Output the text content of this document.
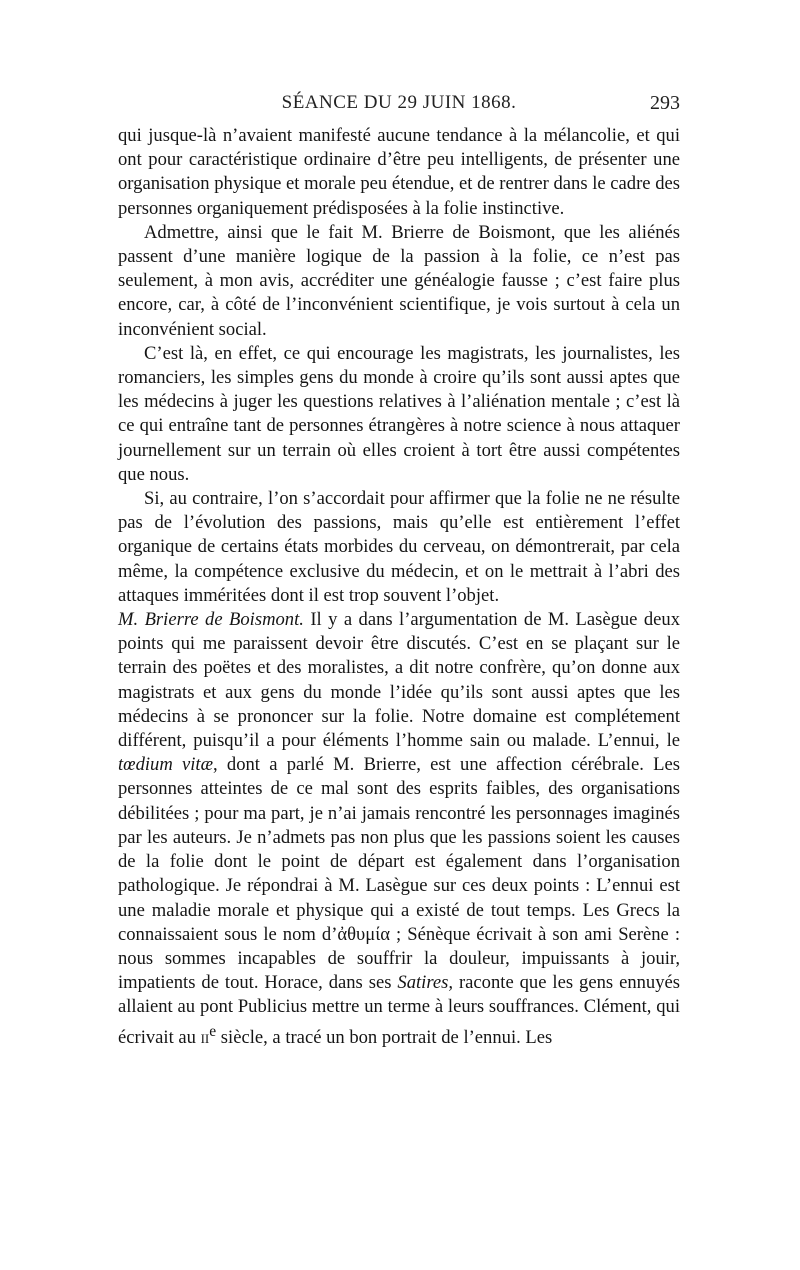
SÉANCE DU 29 JUIN 1868.	293

qui jusque-là n’avaient manifesté aucune tendance à la mélancolie, et qui ont pour caractéristique ordinaire d’être peu intelligents, de présenter une organisation physique et morale peu étendue, et de rentrer dans le cadre des personnes organiquement prédisposées à la folie instinctive.

Admettre, ainsi que le fait M. Brierre de Boismont, que les aliénés passent d’une manière logique de la passion à la folie, ce n’est pas seulement, à mon avis, accréditer une généalogie fausse ; c’est faire plus encore, car, à côté de l’inconvénient scientifique, je vois surtout à cela un inconvénient social.

C’est là, en effet, ce qui encourage les magistrats, les journalistes, les romanciers, les simples gens du monde à croire qu’ils sont aussi aptes que les médecins à juger les questions relatives à l’aliénation mentale ; c’est là ce qui entraîne tant de personnes étrangères à notre science à nous attaquer journellement sur un terrain où elles croient à tort être aussi compétentes que nous.

Si, au contraire, l’on s’accordait pour affirmer que la folie ne ne résulte pas de l’évolution des passions, mais qu’elle est entièrement l’effet organique de certains états morbides du cerveau, on démontrerait, par cela même, la compétence exclusive du médecin, et on le mettrait à l’abri des attaques imméritées dont il est trop souvent l’objet.

M. Brierre de Boismont. Il y a dans l’argumentation de M. Lasègue deux points qui me paraissent devoir être discutés. C’est en se plaçant sur le terrain des poëtes et des moralistes, a dit notre confrère, qu’on donne aux magistrats et aux gens du monde l’idée qu’ils sont aussi aptes que les médecins à se prononcer sur la folie. Notre domaine est complétement différent, puisqu’il a pour éléments l’homme sain ou malade. L’ennui, le tœdium vitæ, dont a parlé M. Brierre, est une affection cérébrale. Les personnes atteintes de ce mal sont des esprits faibles, des organisations débilitées ; pour ma part, je n’ai jamais rencontré les personnages imaginés par les auteurs. Je n’admets pas non plus que les passions soient les causes de la folie dont le point de départ est également dans l’organisation pathologique. Je répondrai à M. Lasègue sur ces deux points : L’ennui est une maladie morale et physique qui a existé de tout temps. Les Grecs la connaissaient sous le nom d’ἀθυμία ; Sénèque écrivait à son ami Serène : nous sommes incapables de souffrir la douleur, impuissants à jouir, impatients de tout. Horace, dans ses Satires, raconte que les gens ennuyés allaient au pont Publicius mettre un terme à leurs souffrances. Clément, qui écrivait au $ii^e$ siècle, a tracé un bon portrait de l’ennui. Les
